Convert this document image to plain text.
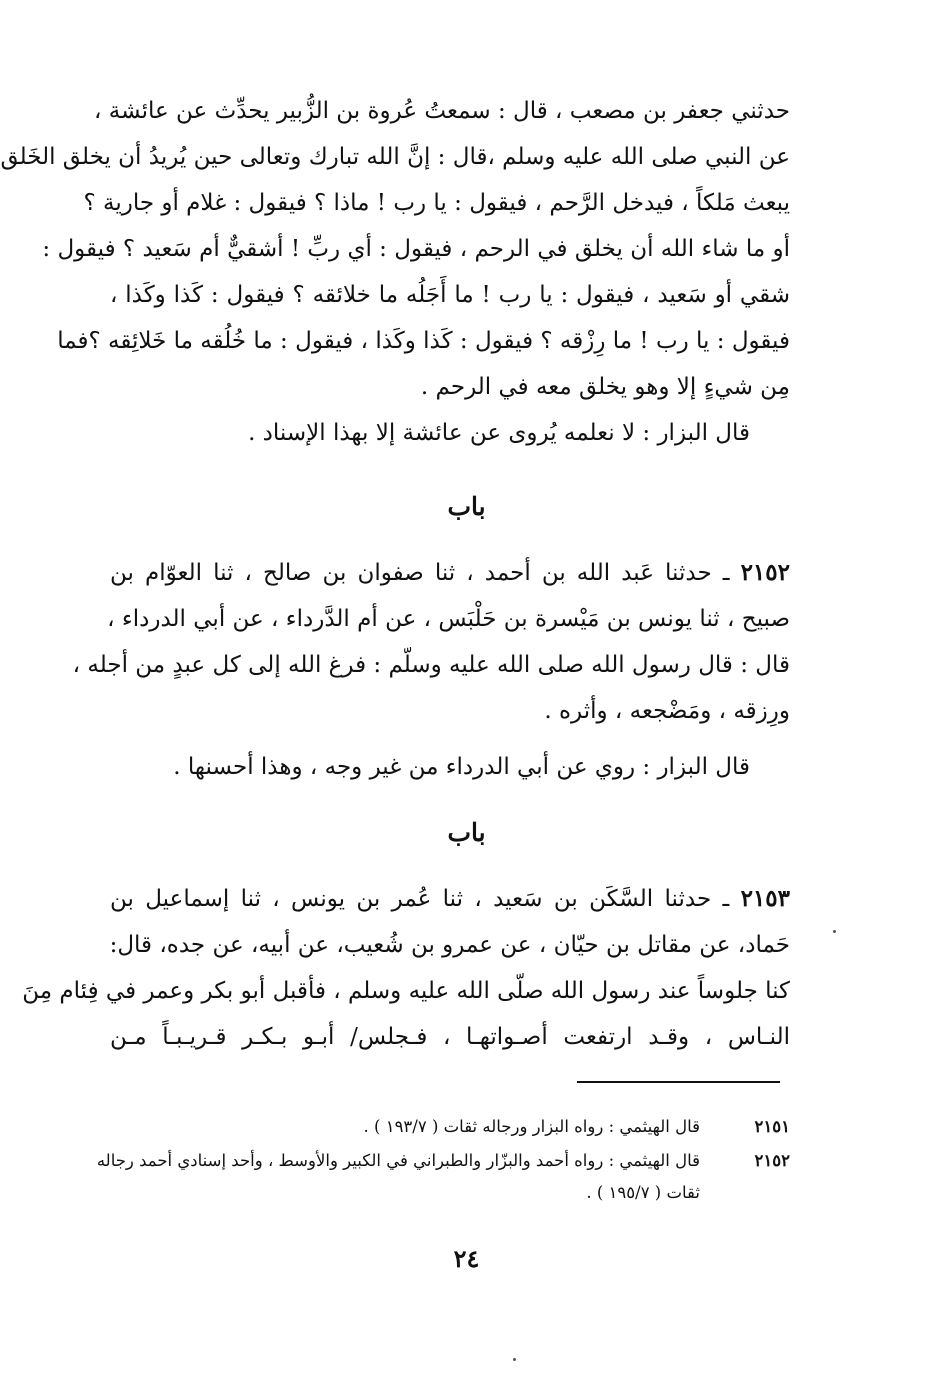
حدثني جعفر بن مصعب ، قال : سمعتُ عُروة بن الزُّبير يحدِّث عن عائشة ،
عن النبي صلى الله عليه وسلم ،قال : إنَّ الله تبارك وتعالى حين يُريدُ أن يخلق الخَلق
يبعث مَلكاً ، فيدخل الرَّحم ، فيقول : يا رب ! ماذا ؟ فيقول : غلام أو جارية ؟
أو ما شاء الله أن يخلق في الرحم ، فيقول : أي ربِّ ! أشقيٌّ أم سَعيد ؟ فيقول :
شقي أو سَعيد ، فيقول : يا رب ! ما أَجَلُه ما خلائقه ؟ فيقول : كَذا وكَذا ،
فيقول : يا رب ! ما رِزْقه ؟ فيقول : كَذا وكَذا ، فيقول : ما خُلُقه ما خَلائِقه ؟فما
مِن شيءٍ إلا وهو يخلق معه في الرحم .
قال البزار : لا نعلمه يُروى عن عائشة إلا بهذا الإسناد .
باب
٢١٥٢ ـ حدثنا عَبد الله بن أحمد ، ثنا صفوان بن صالح ، ثنا العوّام بن
صبيح ، ثنا يونس بن مَيْسرة بن حَلْبَس ، عن أم الدَّرداء ، عن أبي الدرداء ،
قال : قال رسول الله صلى الله عليه وسلّم : فرغ الله إلى كل عبدٍ من أجله ،
ورِزقه ، ومَضْجعه ، وأثره .
قال البزار : روي عن أبي الدرداء من غير وجه ، وهذا أحسنها .
باب
٢١٥٣ ـ حدثنا السَّكَن بن سَعيد ، ثنا عُمر بن يونس ، ثنا إسماعيل بن
حَماد، عن مقاتل بن حيّان ، عن عمرو بن شُعيب، عن أبيه، عن جده، قال:
كنا جلوساً عند رسول الله صلّى الله عليه وسلم ، فأقبل أبو بكر وعمر في فِئام مِنَ
النـاس ، وقـد ارتفعت أصـواتهـا ، فـجلس/ أبـو بـكـر قـريـبـاً مـن
٢١٥١قال الهيثمي : رواه البزار ورجاله ثقات ( ١٩٣/٧ ) .
٢١٥٢قال الهيثمي : رواه أحمد والبزّار والطبراني في الكبير والأوسط ، وأحد إسنادي أحمد رجاله
ثقات ( ١٩٥/٧ ) .
٢٤
